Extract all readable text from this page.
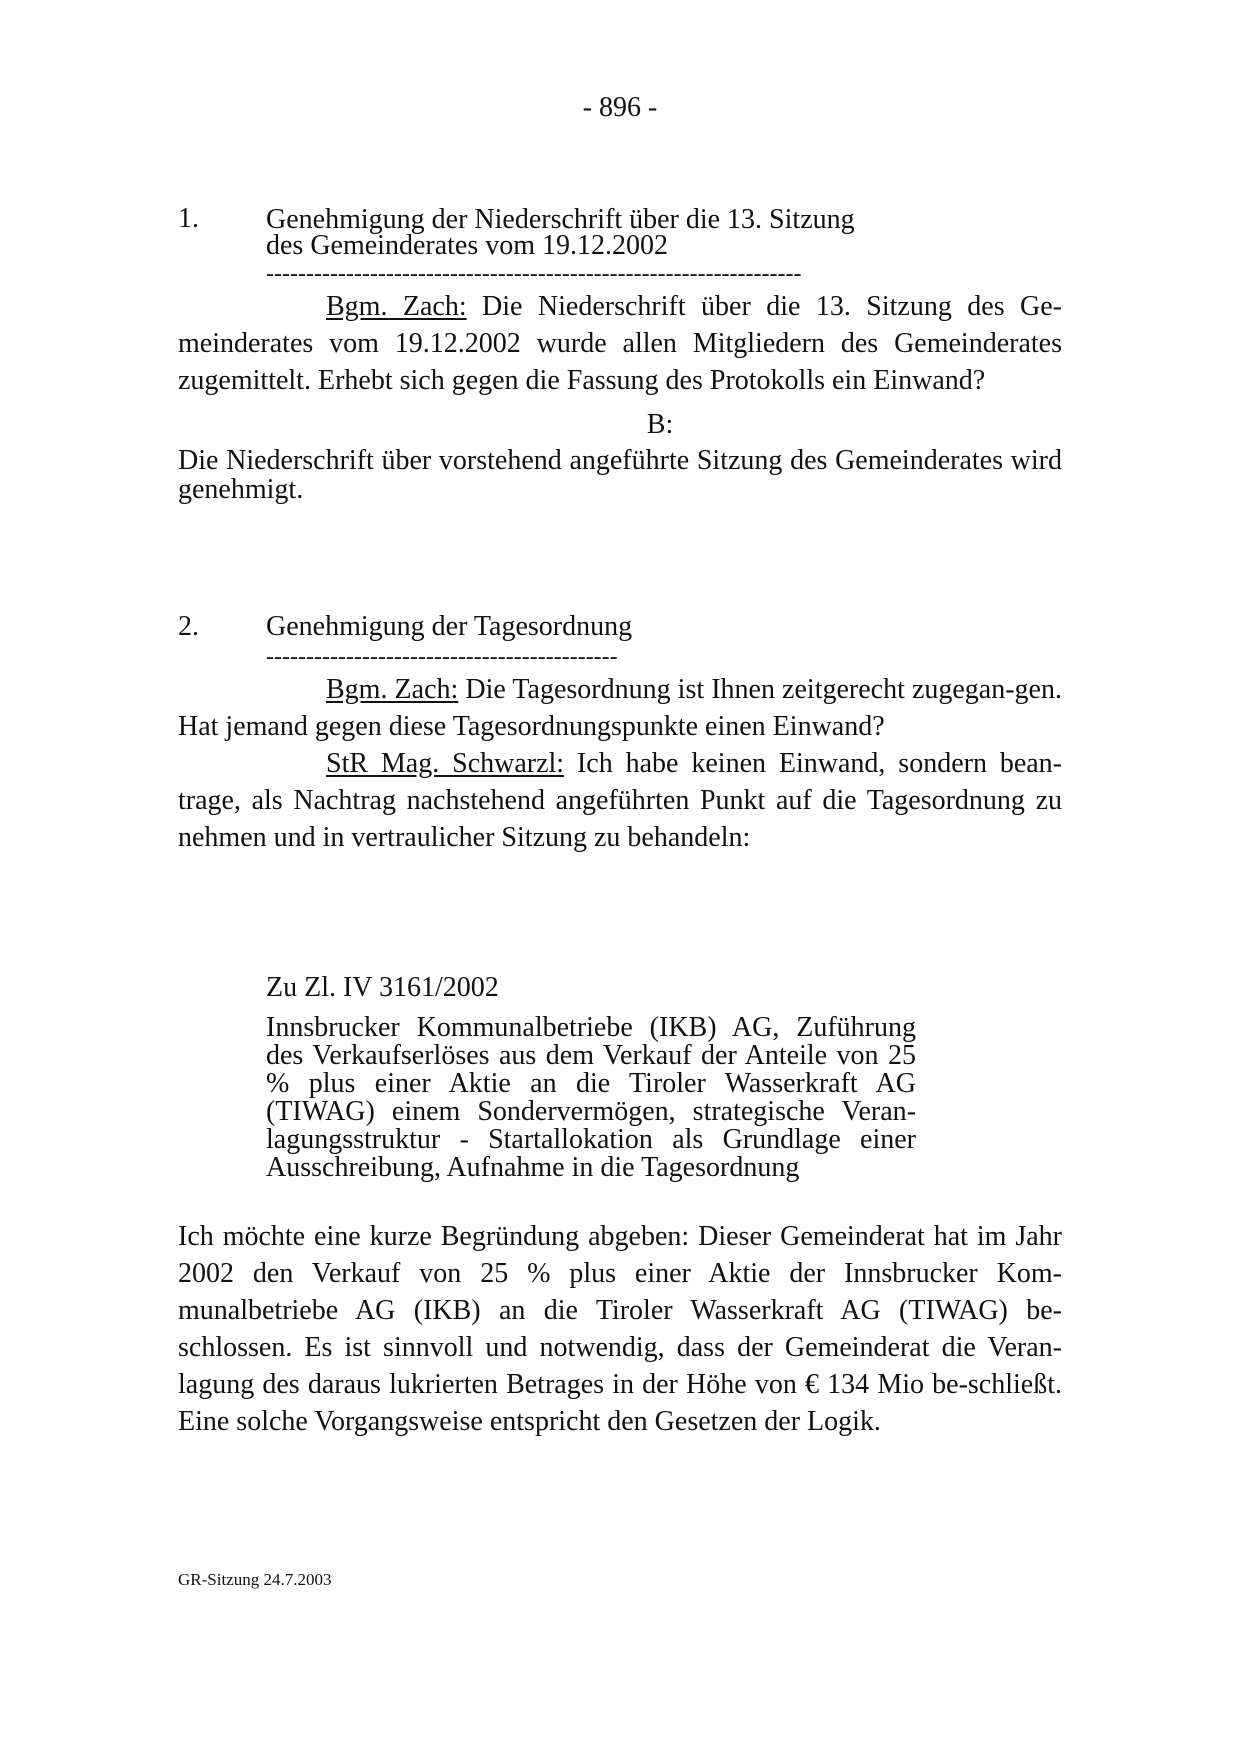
- 896 -
1. Genehmigung der Niederschrift über die 13. Sitzung
des Gemeinderates vom 19.12.2002
-------------------------------------------------------------------
Bgm. Zach: Die Niederschrift über die 13. Sitzung des Ge-meinderates vom 19.12.2002 wurde allen Mitgliedern des Gemeinderates zugemittelt. Erhebt sich gegen die Fassung des Protokolls ein Einwand?
B:
Die Niederschrift über vorstehend angeführte Sitzung des Gemeinderates wird genehmigt.
2. Genehmigung der Tagesordnung
--------------------------------------------
Bgm. Zach: Die Tagesordnung ist Ihnen zeitgerecht zugegan-gen. Hat jemand gegen diese Tagesordnungspunkte einen Einwand?
StR Mag. Schwarzl: Ich habe keinen Einwand, sondern bean-trage, als Nachtrag nachstehend angeführten Punkt auf die Tagesordnung zu nehmen und in vertraulicher Sitzung zu behandeln:
Zu Zl. IV 3161/2002
Innsbrucker Kommunalbetriebe (IKB) AG, Zuführung des Verkaufserlöses aus dem Verkauf der Anteile von 25 % plus einer Aktie an die Tiroler Wasserkraft AG (TIWAG) einem Sondervermögen, strategische Veran-lagungsstruktur - Startallokation als Grundlage einer Ausschreibung, Aufnahme in die Tagesordnung
Ich möchte eine kurze Begründung abgeben: Dieser Gemeinderat hat im Jahr 2002 den Verkauf von 25 % plus einer Aktie der Innsbrucker Kom-munalbetriebe AG (IKB) an die Tiroler Wasserkraft AG (TIWAG) be-schlossen. Es ist sinnvoll und notwendig, dass der Gemeinderat die Veran-lagung des daraus lukrierten Betrages in der Höhe von € 134 Mio be-schließt. Eine solche Vorgangsweise entspricht den Gesetzen der Logik.
GR-Sitzung 24.7.2003
